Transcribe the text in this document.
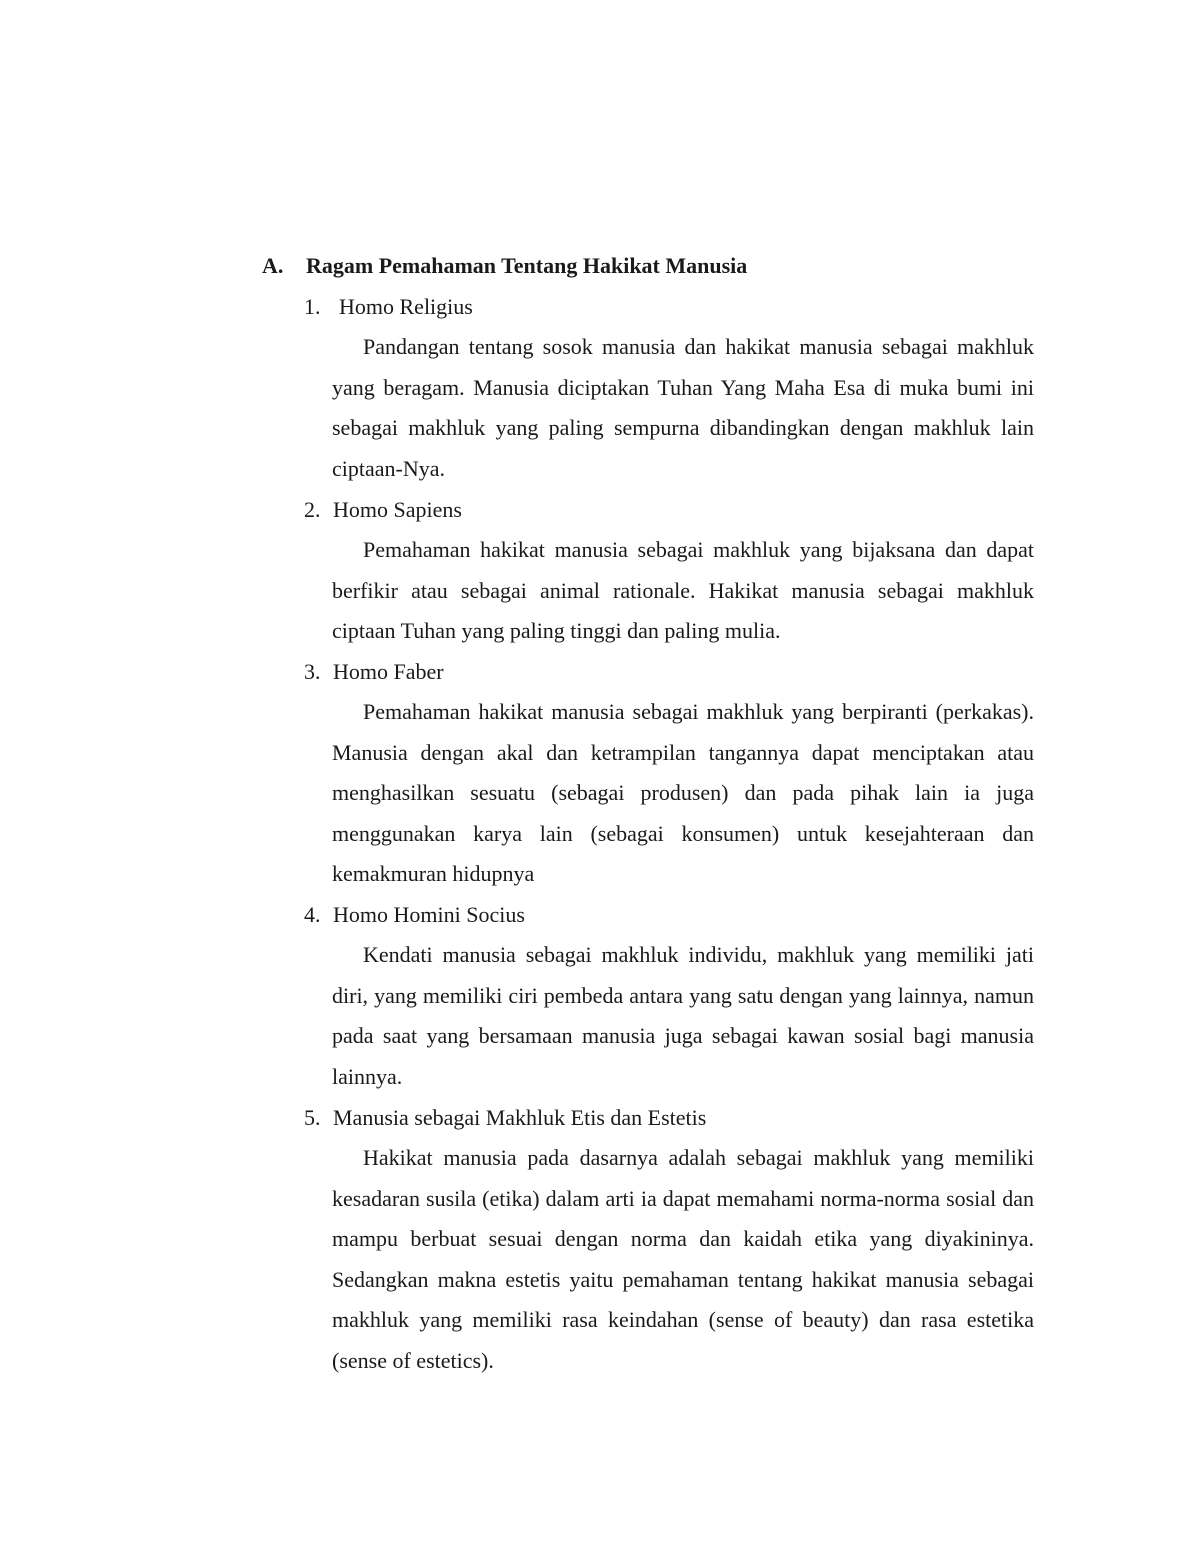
A. Ragam Pemahaman Tentang Hakikat Manusia
1. Homo Religius
Pandangan tentang sosok manusia dan hakikat manusia sebagai makhluk yang beragam. Manusia diciptakan Tuhan Yang Maha Esa di muka bumi ini sebagai makhluk yang paling sempurna dibandingkan dengan makhluk lain ciptaan-Nya.
2. Homo Sapiens
Pemahaman hakikat manusia sebagai makhluk yang bijaksana dan dapat berfikir atau sebagai animal rationale. Hakikat manusia sebagai makhluk ciptaan Tuhan yang paling tinggi dan paling mulia.
3. Homo Faber
Pemahaman hakikat manusia sebagai makhluk yang berpiranti (perkakas). Manusia dengan akal dan ketrampilan tangannya dapat menciptakan atau menghasilkan sesuatu (sebagai produsen) dan pada pihak lain ia juga menggunakan karya lain (sebagai konsumen) untuk kesejahteraan dan kemakmuran hidupnya
4. Homo Homini Socius
Kendati manusia sebagai makhluk individu, makhluk yang memiliki jati diri, yang memiliki ciri pembeda antara yang satu dengan yang lainnya, namun pada saat yang bersamaan manusia juga sebagai kawan sosial bagi manusia lainnya.
5. Manusia sebagai Makhluk Etis dan Estetis
Hakikat manusia pada dasarnya adalah sebagai makhluk yang memiliki kesadaran susila (etika) dalam arti ia dapat memahami norma-norma sosial dan mampu berbuat sesuai dengan norma dan kaidah etika yang diyakininya. Sedangkan makna estetis yaitu pemahaman tentang hakikat manusia sebagai makhluk yang memiliki rasa keindahan (sense of beauty) dan rasa estetika (sense of estetics).
